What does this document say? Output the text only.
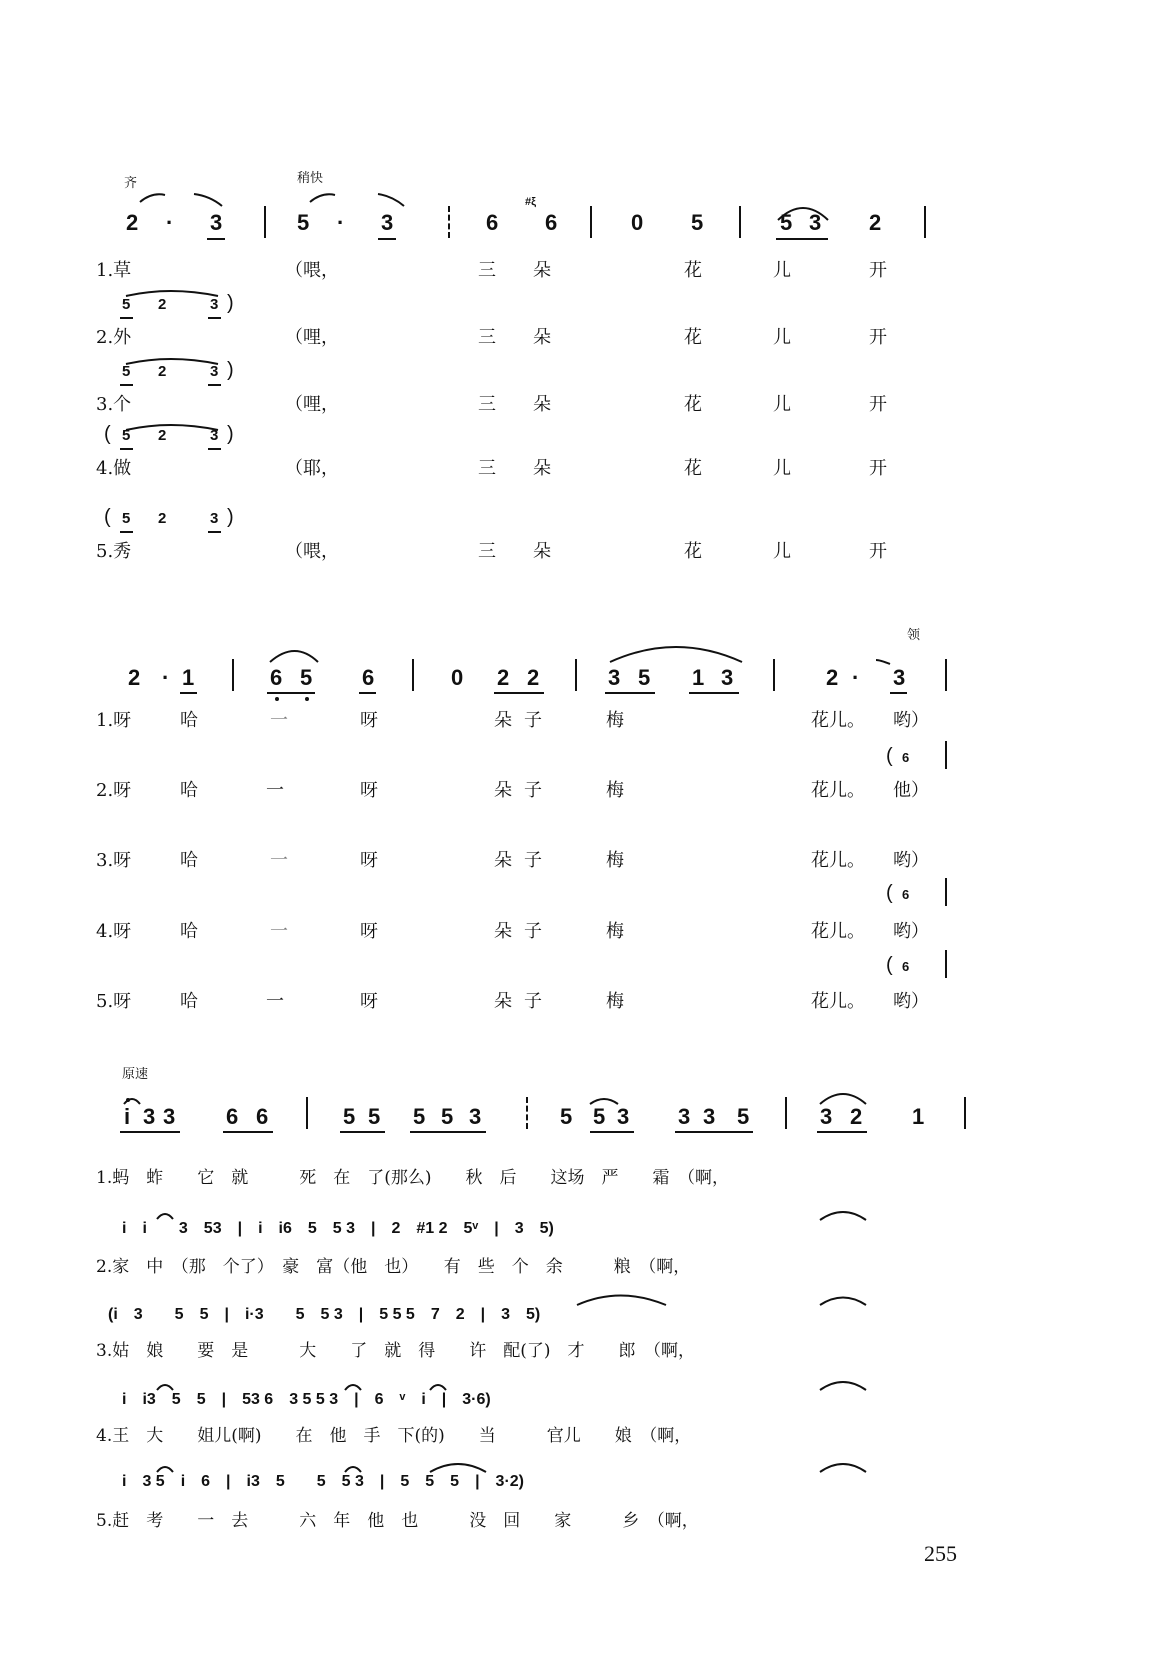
齐	稍快
2 · 3	5 · 3	6
#ξ
6	0 5	5 3 2
1.草	（喂，	三 朵	花	儿	开
5 2	3 )
2.外	（哩，	三 朵	花	儿	开
5 2	3 )
3.个	（哩，	三 朵	花	儿	开
( 5 2	3 )
4.做	（耶，	三 朵	花	儿	开
( 5 2	3 )
5.秀	（喂，	三 朵	花	儿	开
领
2 · 1	6 5 6	0 2 2	3 5 1 3	2 · 3
1.呀	哈	一	呀	朵子	梅	花儿。 哟）
( 6
2.呀	哈	一	呀	朵子	梅	花儿。 他）
3.呀	哈	一	呀	朵子	梅	花儿。 哟）
( 6
4.呀	哈	一	呀	朵子	梅	花儿。 哟）
( 6
5.呀	哈	一	呀	朵子	梅	花儿。 哟）
原速
i 3 3 6 6	5 5 5 5 3	5 5 3 3 3 5	3 2 1
1.蚂　蚱　　它　就　　　死　在　了(那么)　　秋　后　　这场　严　　霜　（啊，
i　i　　3　53　|　i　i6　5　5 3　|　2　#1 2　5ᵛ　|　3　5)
2.家　中　（那　个了）　豪　富（他　也）　　有　些　个　余　　　粮　（啊，
(i　3　　5　5　|　i·3　　5　5 3　|　5 5 5　7　2　|　3　5)
3.姑　娘　　要　是　　　大　　了　就　得　　许　配(了)　才　　郎　（啊，
i　i3　5　5　|　53 6　3 5 5 3　|　6　ᵛ　i　|　3·6)
4.王　大　　姐儿(啊)　　在　他　手　下(的)　　当　　　官儿　　娘　（啊，
i　3 5　i　6　|　i3　5　　5　5 3　|　5　5　5　|　3·2)
5.赶　考　　一　去　　　六　年　他　也　　　没　回　　家　　　乡　（啊，
255
